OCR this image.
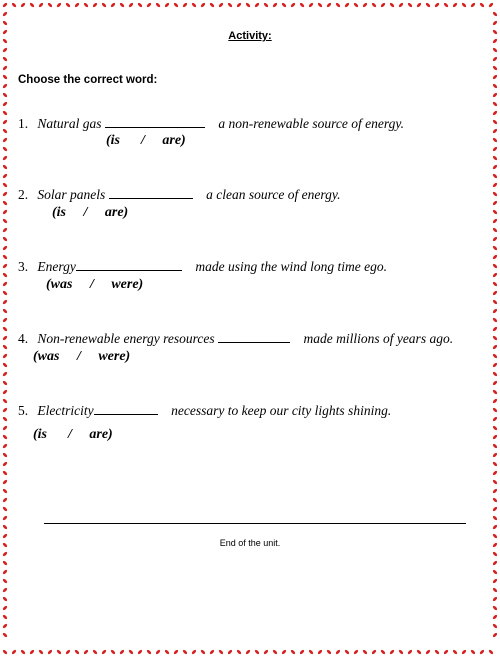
Activity:
Choose the correct word:
1. Natural gas	a non-renewable source of energy.
(is      /     are)
2. Solar panels	a clean source of energy.
(is     /     are)
3. Energy	made using the wind long time ego.
(was     /     were)
4. Non-renewable energy resources	made millions of years ago.
(was     /     were)
5. Electricity	necessary to keep our city lights shining.
(is      /     are)
End of the unit.
